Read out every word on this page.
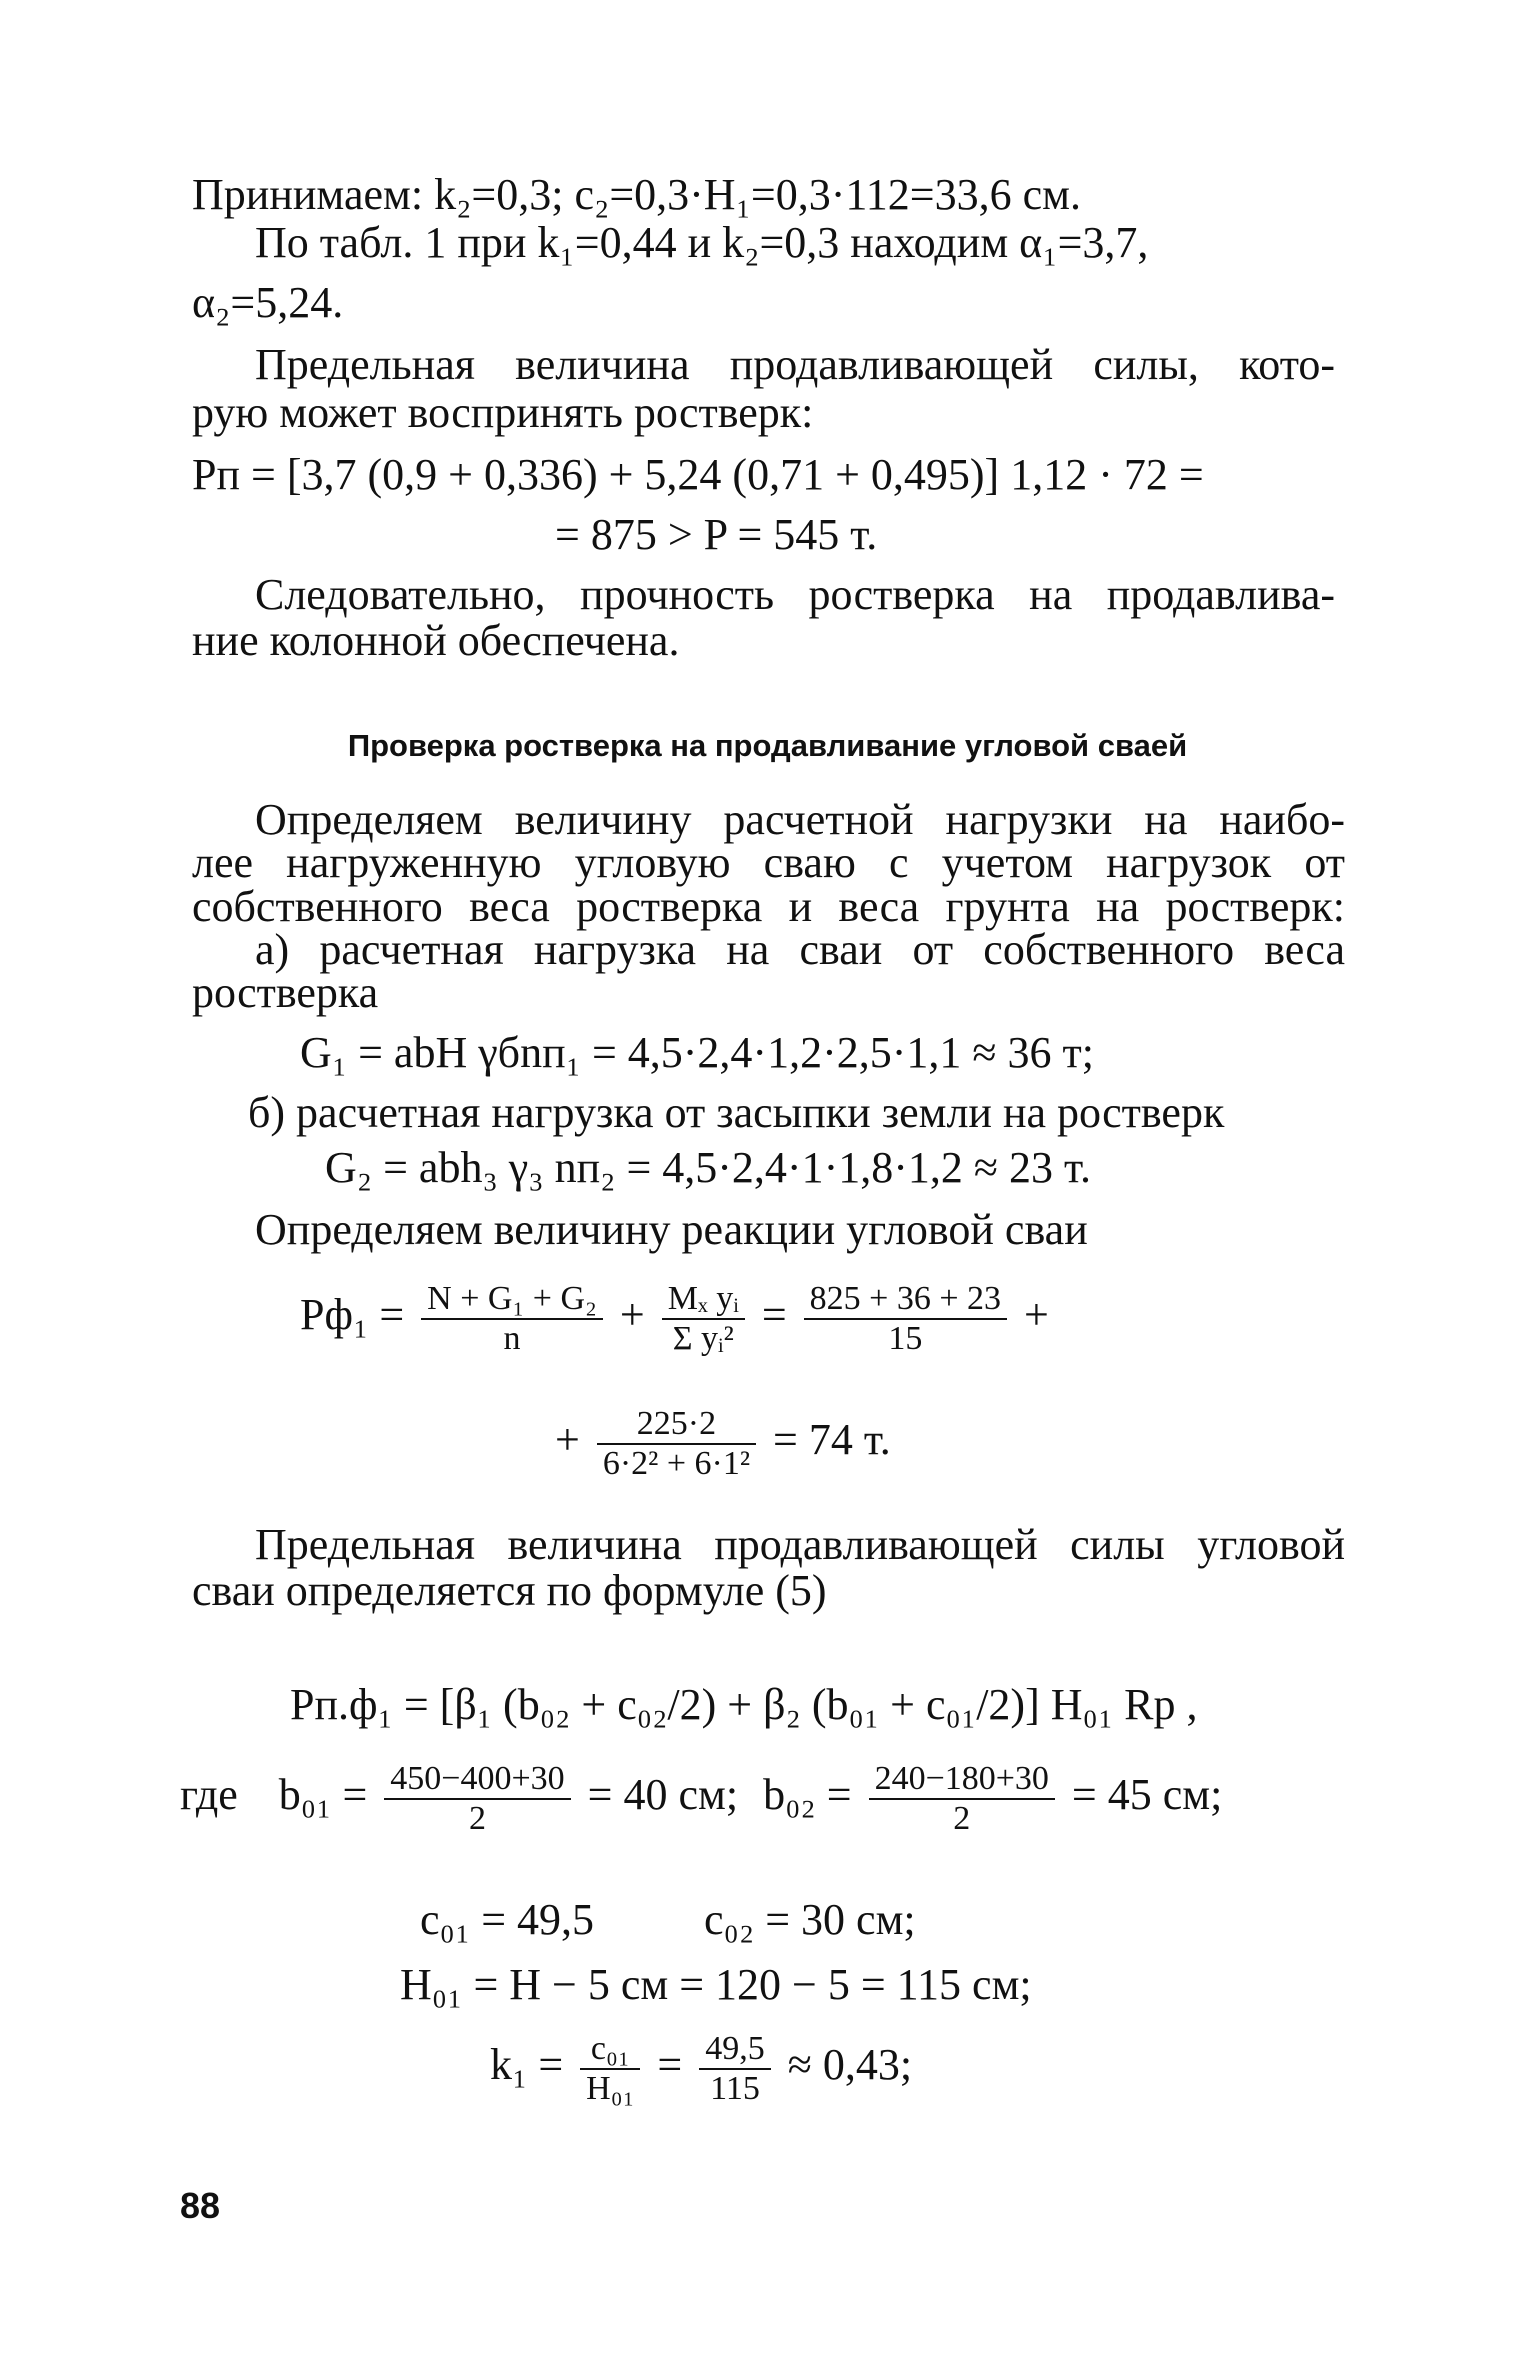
Принимаем: k₂=0,3; c₂=0,3·H₁=0,3·112=33,6 см.
По табл. 1 при k₁=0,44 и k₂=0,3 находим α₁=3,7,
α₂=5,24.
Предельная величина продавливающей силы, кото-
рую может воспринять ростверк:
Pп = [3,7 (0,9 + 0,336) + 5,24 (0,71 + 0,495)] 1,12 · 72 =
= 875 > P = 545 т.
Следовательно, прочность ростверка на продавлива-
ние колонной обеспечена.
Проверка ростверка на продавливание угловой сваей
Определяем величину расчетной нагрузки на наибо-
лее нагруженную угловую сваю с учетом нагрузок от
собственного веса ростверка и веса грунта на ростверк:
а) расчетная нагрузка на сваи от собственного веса
ростверка
G₁ = abH γбnп₁ = 4,5·2,4·1,2·2,5·1,1 ≈ 36 т;
б) расчетная нагрузка от засыпки земли на ростверк
G₂ = abh₃ γ₃ nп₂ = 4,5·2,4·1·1,8·1,2 ≈ 23 т.
Определяем величину реакции угловой сваи
$Pф_1 = \frac{\text{N + G₁ + G₂}}{n} + \frac{\text{Mₓ yᵢ}}{\text{Σ yᵢ²}} = \frac{825 + 36 + 23}{15}$ +
+ $\frac{225\cdot 2}{\text{6·2² + 6·1²}} = 74$ т.
Предельная величина продавливающей силы угловой
сваи определяется по формуле (5)
Pп.ф₁ = [β₁ (b₀₂ + c₀₂/2) + β₂ (b₀₁ + c₀₁/2)] H₀₁ Rp ,
где $b_{01} = \frac{450-400+30}{2} = 40$ см; $b_{02} = \frac{240-180+30}{2} = 45$ см;
c₀₁ = 49,5          c₀₂ = 30 см;
H₀₁ = H − 5 см = 120 − 5 = 115 см;
$k_1 = \frac{\text{c₀₁}}{\text{H₀₁}} = \frac{49,5}{115} \approx 0,43$;
88
